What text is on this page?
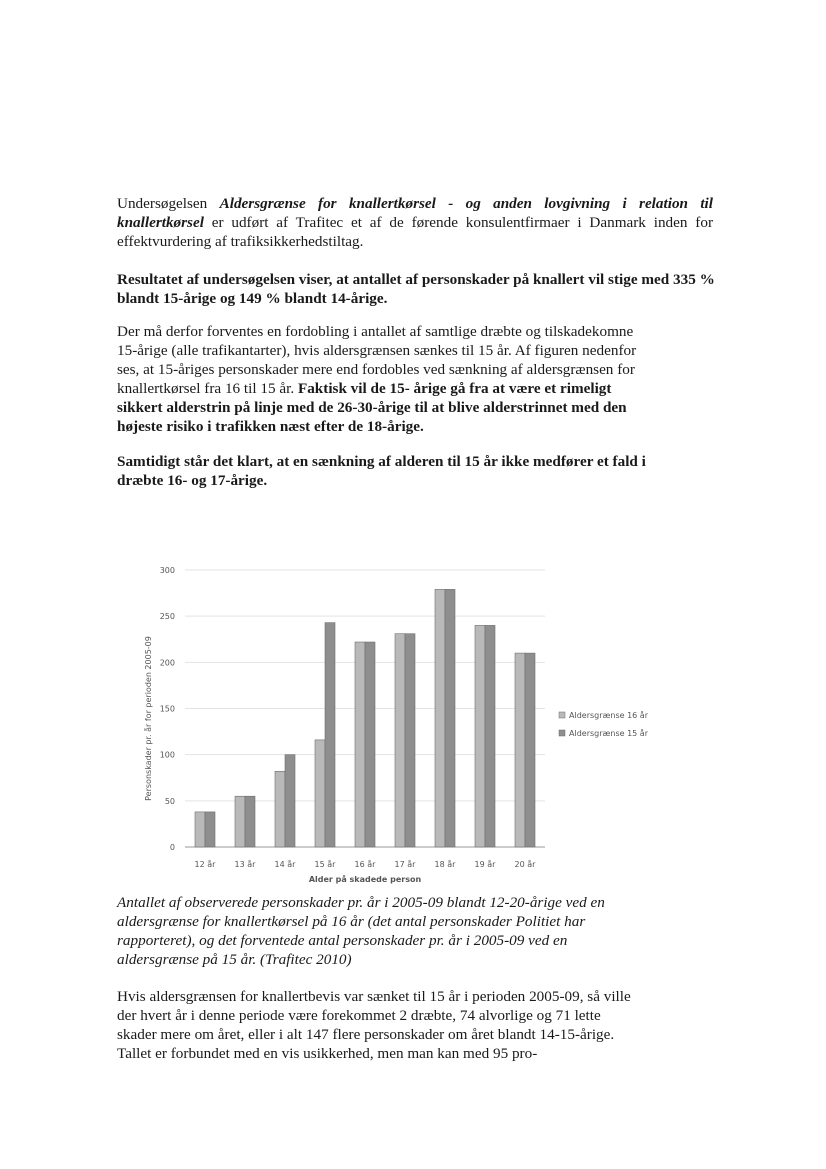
Undersøgelsen Aldersgrænse for knallertkørsel - og anden lovgivning i relation til knallertkørsel er udført af Trafitec et af de førende konsulentfirmaer i Danmark inden for effektvurdering af trafiksikkerhedstiltag.

Resultatet af undersøgelsen viser, at antallet af personskader på knallert vil stige med 335 % blandt 15-årige og 149 % blandt 14-årige.

Der må derfor forventes en fordobling i antallet af samtlige dræbte og tilskadekomne 15-årige (alle trafikantarter), hvis aldersgrænsen sænkes til 15 år. Af figuren nedenfor ses, at 15-åriges personskader mere end fordobles ved sænkning af aldersgrænsen for knallertkørsel fra 16 til 15 år. Faktisk vil de 15- årige gå fra at være et rimeligt sikkert alderstrin på linje med de 26-30-årige til at blive alderstrinnet med den højeste risiko i trafikken næst efter de 18-årige.

Samtidigt står det klart, at en sænkning af alderen til 15 år ikke medfører et fald i dræbte 16- og 17-årige.

0
50
100
150
200
250
300
12 år 13 år 14 år 15 år 16 år 17 år 18 år 19 år 20 år
Alder på skadede person
Personskader pr. år for perioden 2005-09	Aldersgrænse 16 år
Aldersgrænse 15 år

Antallet af observerede personskader pr. år i 2005-09 blandt 12-20-årige ved en aldersgrænse for knallertkørsel på 16 år (det antal personskader Politiet har rapporteret), og det forventede antal personskader pr. år i 2005-09 ved en aldersgrænse på 15 år. (Trafitec 2010)

Hvis aldersgrænsen for knallertbevis var sænket til 15 år i perioden 2005-09, så ville der hvert år i denne periode være forekommet 2 dræbte, 74 alvorlige og 71 lette skader mere om året, eller i alt 147 flere personskader om året blandt 14-15-årige. Tallet er forbundet med en vis usikkerhed, men man kan med 95 pro-
